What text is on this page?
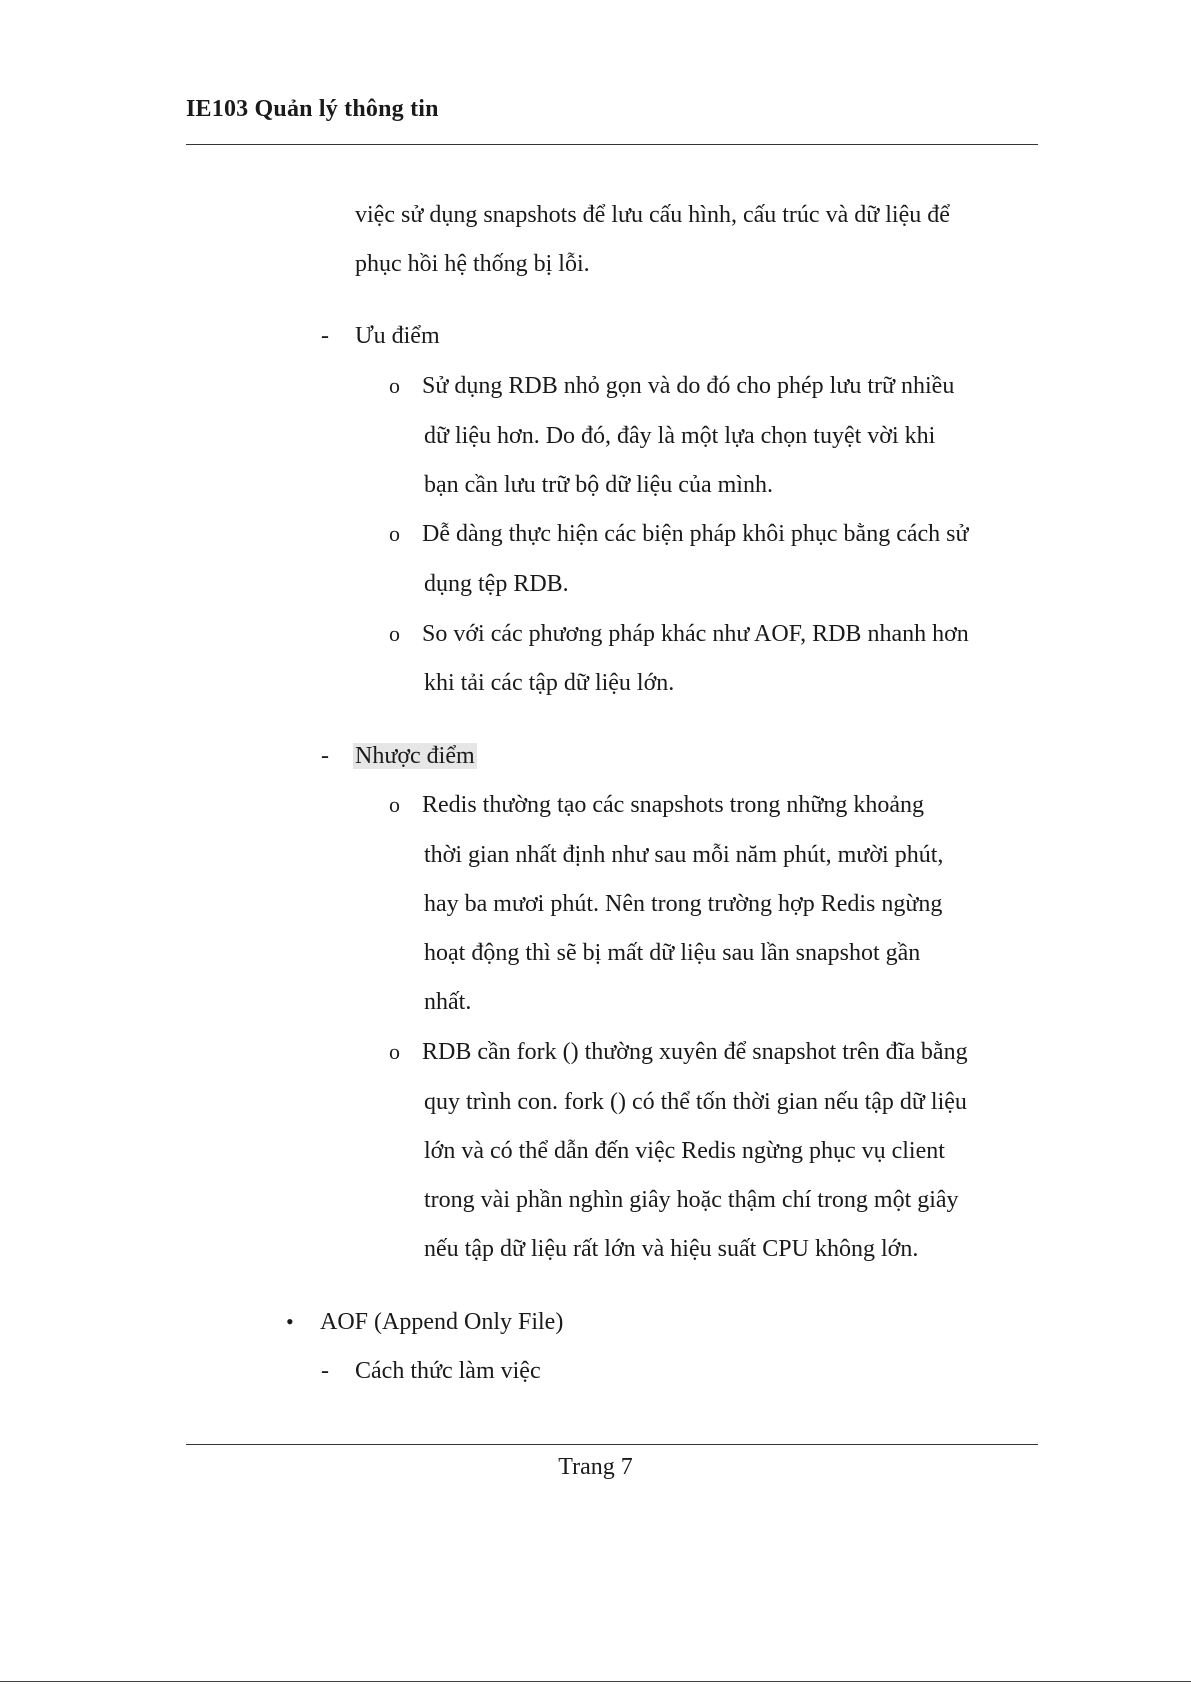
IE103 Quản lý thông tin
việc sử dụng snapshots để lưu cấu hình, cấu trúc và dữ liệu để
phục hồi hệ thống bị lỗi.
- Ưu điểm
o Sử dụng RDB nhỏ gọn và do đó cho phép lưu trữ nhiều
dữ liệu hơn. Do đó, đây là một lựa chọn tuyệt vời khi
bạn cần lưu trữ bộ dữ liệu của mình.
o Dễ dàng thực hiện các biện pháp khôi phục bằng cách sử
dụng tệp RDB.
o So với các phương pháp khác như AOF, RDB nhanh hơn
khi tải các tập dữ liệu lớn.
- Nhược điểm
o Redis thường tạo các snapshots trong những khoảng
thời gian nhất định như sau mỗi năm phút, mười phút,
hay ba mươi phút. Nên trong trường hợp Redis ngừng
hoạt động thì sẽ bị mất dữ liệu sau lần snapshot gần
nhất.
o RDB cần fork () thường xuyên để snapshot trên đĩa bằng
quy trình con. fork () có thể tốn thời gian nếu tập dữ liệu
lớn và có thể dẫn đến việc Redis ngừng phục vụ client
trong vài phần nghìn giây hoặc thậm chí trong một giây
nếu tập dữ liệu rất lớn và hiệu suất CPU không lớn.
• AOF (Append Only File)
- Cách thức làm việc
Trang 7
